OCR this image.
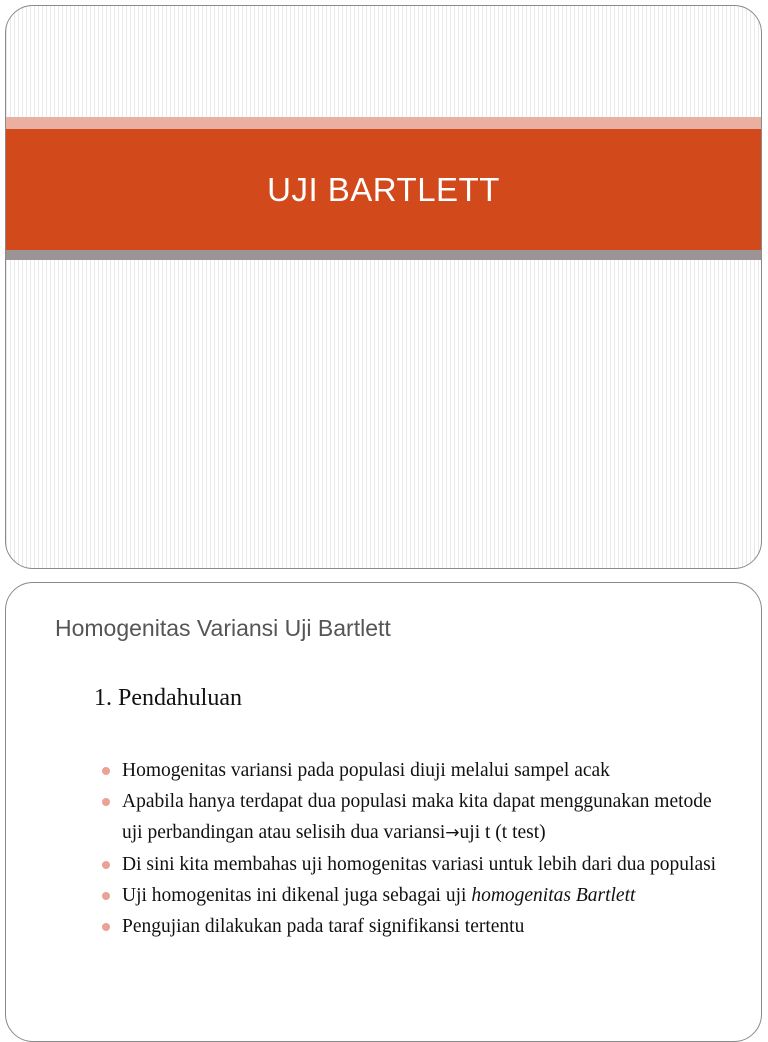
UJI BARTLETT
Homogenitas Variansi Uji Bartlett
1. Pendahuluan
Homogenitas variansi pada populasi diuji melalui sampel acak
Apabila hanya terdapat dua populasi maka kita dapat menggunakan metode uji perbandingan atau selisih dua variansi→uji t (t test)
Di sini kita membahas uji homogenitas variasi untuk lebih dari dua populasi
Uji homogenitas ini dikenal juga sebagai uji homogenitas Bartlett
Pengujian dilakukan pada taraf signifikansi tertentu
